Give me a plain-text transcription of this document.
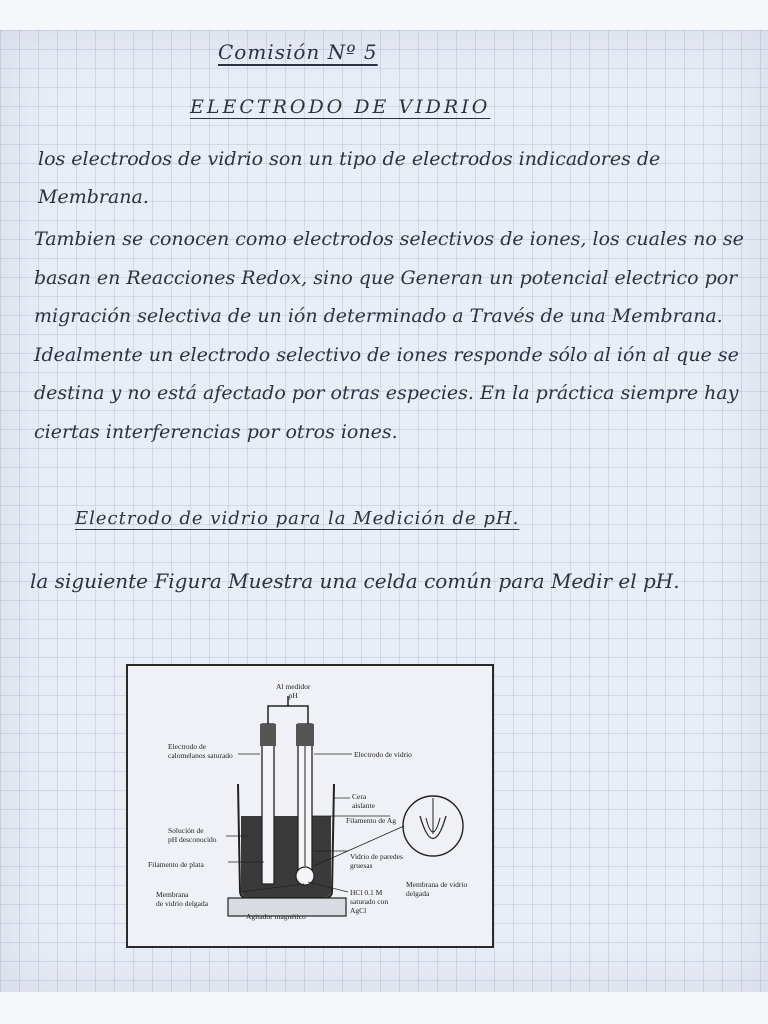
Comisión Nº 5
ELECTRODO DE VIDRIO
los electrodos de vidrio son un tipo de electrodos indicadores de Membrana.
Tambien se conocen como electrodos selectivos de iones, los cuales no se basan en Reacciones Redox, sino que Generan un potencial electrico por migración selectiva de un ión determinado a Través de una Membrana. Idealmente un electrodo selectivo de iones responde sólo al ión al que se destina y no está afectado por otras especies. En la práctica siempre hay ciertas interferencias por otros iones.
Electrodo de vidrio para la Medición de pH.
la siguiente Figura Muestra una celda común para Medir el pH.
Al medidor
pH
Electrodo de
calomelanos saturado	Electrodo de vidrio
Cera
aislante
Filamento de Ag
Solución de
pH desconocido
Vidrio de paredes
gruesas
Filamento de plata
Membrana
de vidrio delgada
HCl 0.1 M
saturado con
AgCl
Membrana de vidrio
delgada
Agitador magnético
